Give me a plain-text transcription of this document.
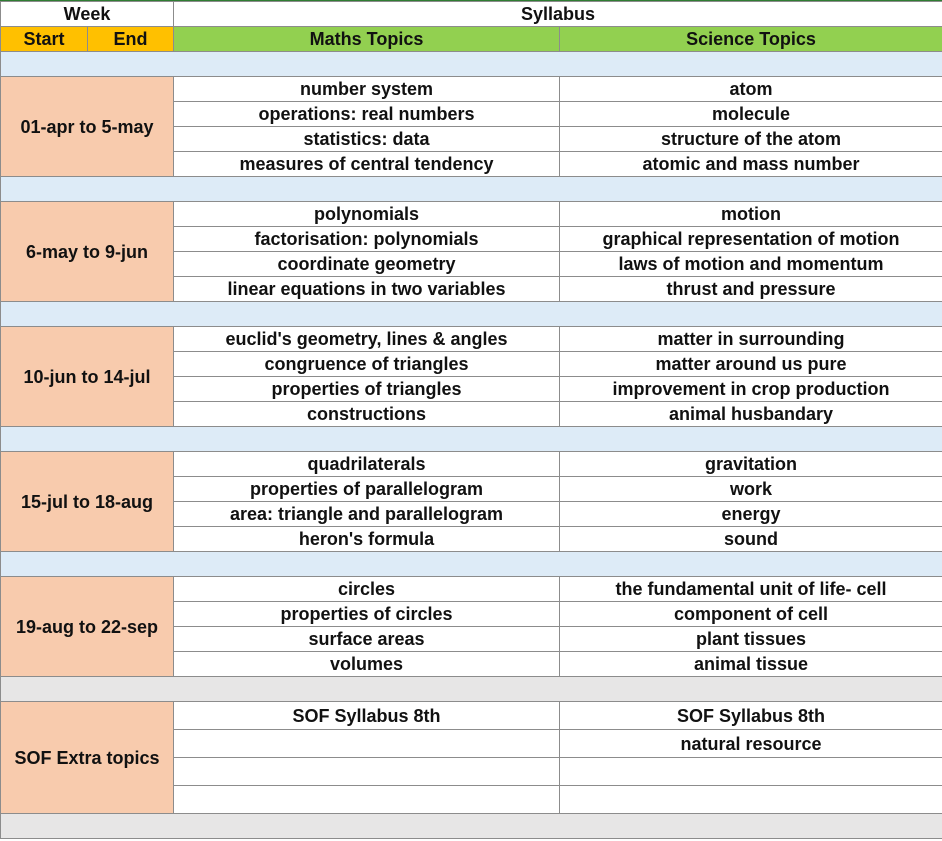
Week		Syllabus	
Start	End	Maths Topics	Science Topics

01-apr to 5-may		number system	atom
		operations: real numbers	molecule
		statistics: data	structure of the atom
		measures of central tendency	atomic and mass number

6-may to 9-jun		polynomials	motion
		factorisation: polynomials	graphical representation of motion
		coordinate geometry	laws of motion and momentum
		linear equations in two variables	thrust and pressure

10-jun to 14-jul		euclid's geometry, lines & angles	matter in surrounding
		congruence of triangles	matter around us pure
		properties of triangles	improvement in crop production
		constructions	animal husbandary

15-jul to 18-aug		quadrilaterals	gravitation
		properties of parallelogram	work
		area: triangle and parallelogram	energy
		heron's formula	sound

19-aug to 22-sep		circles	the fundamental unit of life- cell
		properties of circles	component of cell
		surface areas	plant tissues
		volumes	animal tissue

SOF Extra topics		SOF Syllabus 8th	SOF Syllabus 8th
			natural resource
